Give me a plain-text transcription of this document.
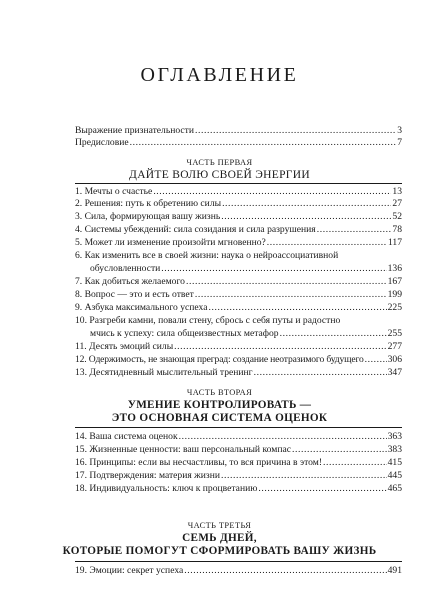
ОГЛАВЛЕНИЕ
Выражение признательности .....	3
Предисловие .....	7
ЧАСТЬ ПЕРВАЯ
ДАЙТЕ ВОЛЮ СВОЕЙ ЭНЕРГИИ
1. Мечты о счастье .....	13
2. Решения: путь к обретению силы .....	27
3. Сила, формирующая вашу жизнь .....	52
4. Системы убеждений: сила созидания и сила разрушения .....	78
5. Может ли изменение произойти мгновенно? .....	117
6. Как изменить все в своей жизни: наука о нейроассоциативной
обусловленности .....	136
7. Как добиться желаемого .....	167
8. Вопрос — это и есть ответ .....	199
9. Азбука максимального успеха .....	225
10. Разгреби камни, повали стену, сбрось с себя путы и радостно
мчись к успеху: сила общеизвестных метафор .....	255
11. Десять эмоций силы .....	277
12. Одержимость, не знающая преград: создание неотразимого будущего ..... 306
13. Десятидневный мыслительный тренинг .....	347
ЧАСТЬ ВТОРАЯ
УМЕНИЕ КОНТРОЛИРОВАТЬ —
ЭТО ОСНОВНАЯ СИСТЕМА ОЦЕНОК
14. Ваша система оценок .....	363
15. Жизненные ценности: ваш персональный компас .....	383
16. Принципы: если вы несчастливы, то вся причина в этом! .....	415
17. Подтверждения: материя жизни .....	445
18. Индивидуальность: ключ к процветанию .....	465
ЧАСТЬ ТРЕТЬЯ
СЕМЬ ДНЕЙ,
КОТОРЫЕ ПОМОГУТ СФОРМИРОВАТЬ ВАШУ ЖИЗНЬ
19. Эмоции: секрет успеха .....	491
